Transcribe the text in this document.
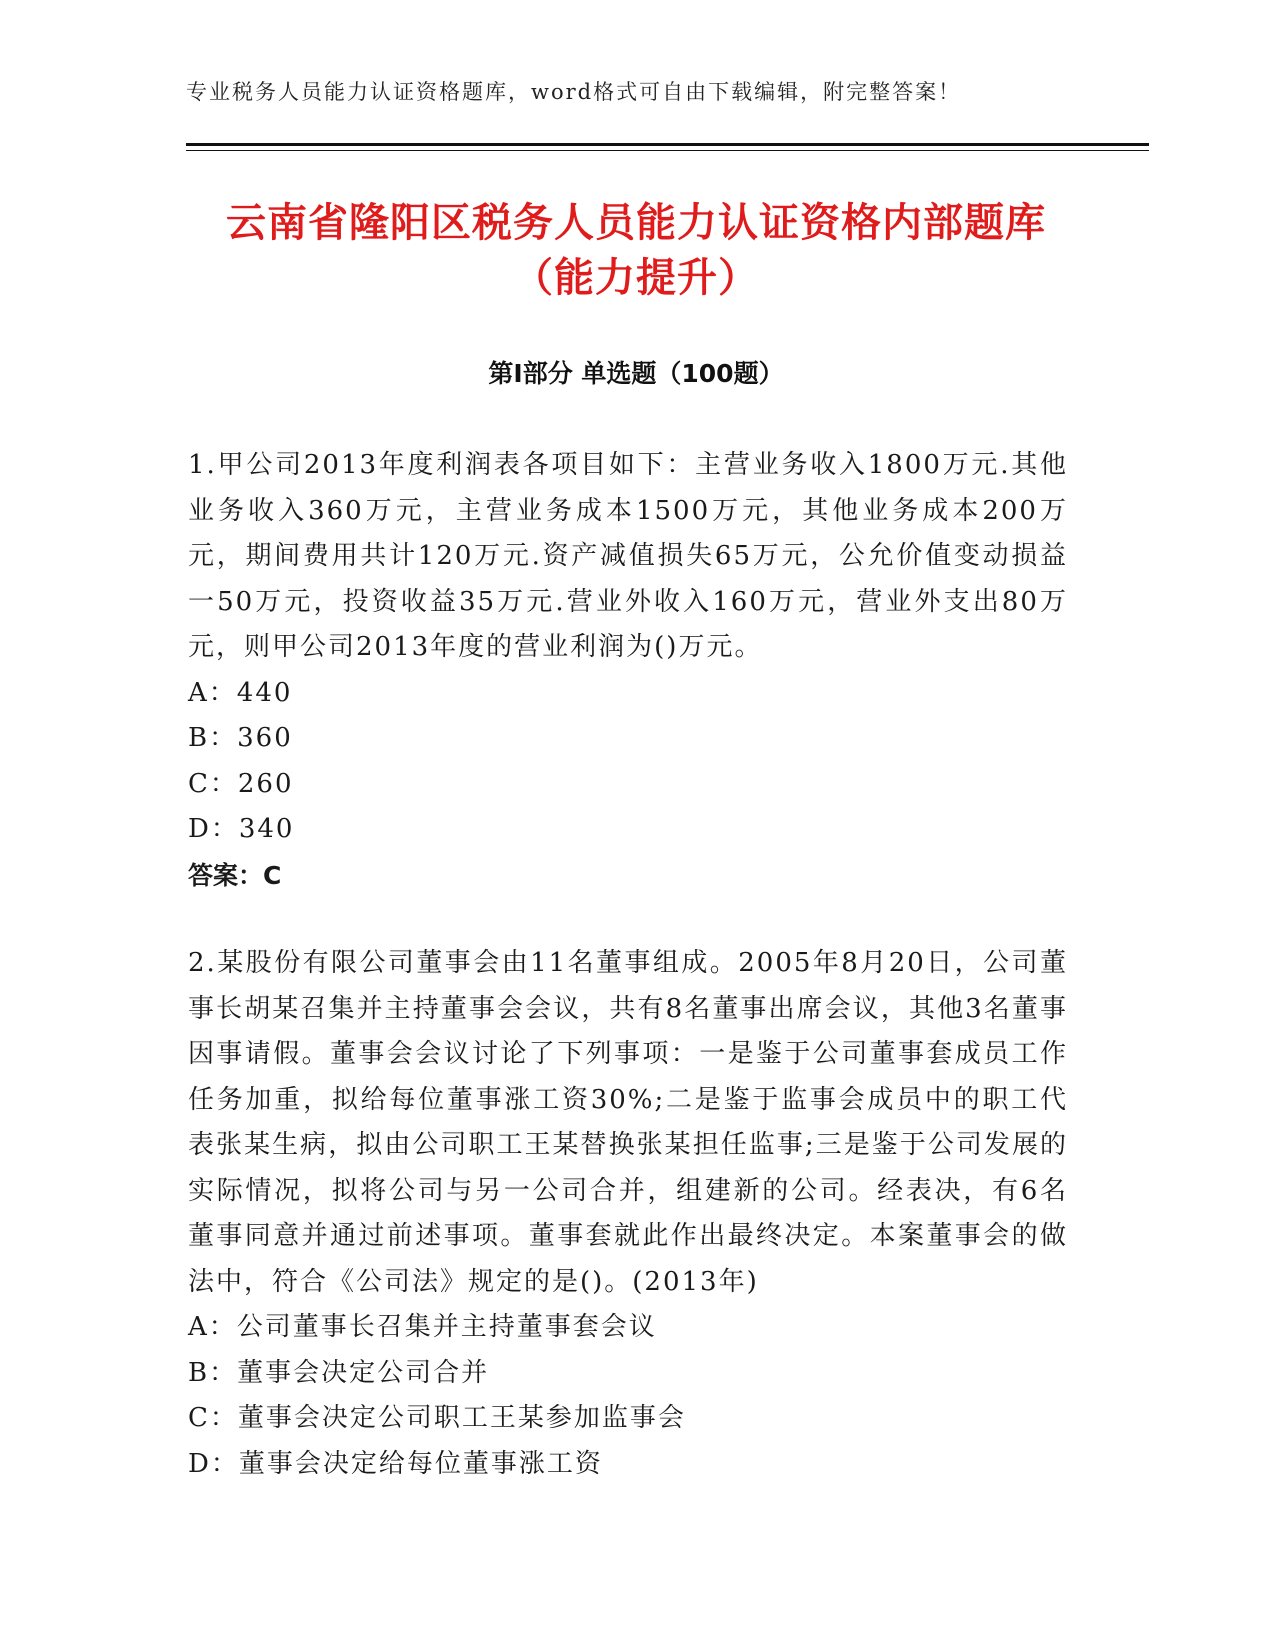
专业税务人员能力认证资格题库，word格式可自由下载编辑，附完整答案！
云南省隆阳区税务人员能力认证资格内部题库（能力提升）
第Ⅰ部分 单选题（100题）

1.甲公司2013年度利润表各项目如下：主营业务收入1800万元.其他业务收入360万元，主营业务成本1500万元，其他业务成本200万元，期间费用共计120万元.资产减值损失65万元，公允价值变动损益一50万元，投资收益35万元.营业外收入160万元，营业外支出80万元，则甲公司2013年度的营业利润为()万元。

A：440

B：360

C：260

D：340

答案：C

2.某股份有限公司董事会由11名董事组成。2005年8月20日，公司董事长胡某召集并主持董事会会议，共有8名董事出席会议，其他3名董事因事请假。董事会会议讨论了下列事项：一是鉴于公司董事套成员工作任务加重，拟给每位董事涨工资30%;二是鉴于监事会成员中的职工代表张某生病，拟由公司职工王某替换张某担任监事;三是鉴于公司发展的实际情况，拟将公司与另一公司合并，组建新的公司。经表决，有6名董事同意并通过前述事项。董事套就此作出最终决定。本案董事会的做法中，符合《公司法》规定的是()。(2013年)

A：公司董事长召集并主持董事套会议

B：董事会决定公司合并

C：董事会决定公司职工王某参加监事会

D：董事会决定给每位董事涨工资
